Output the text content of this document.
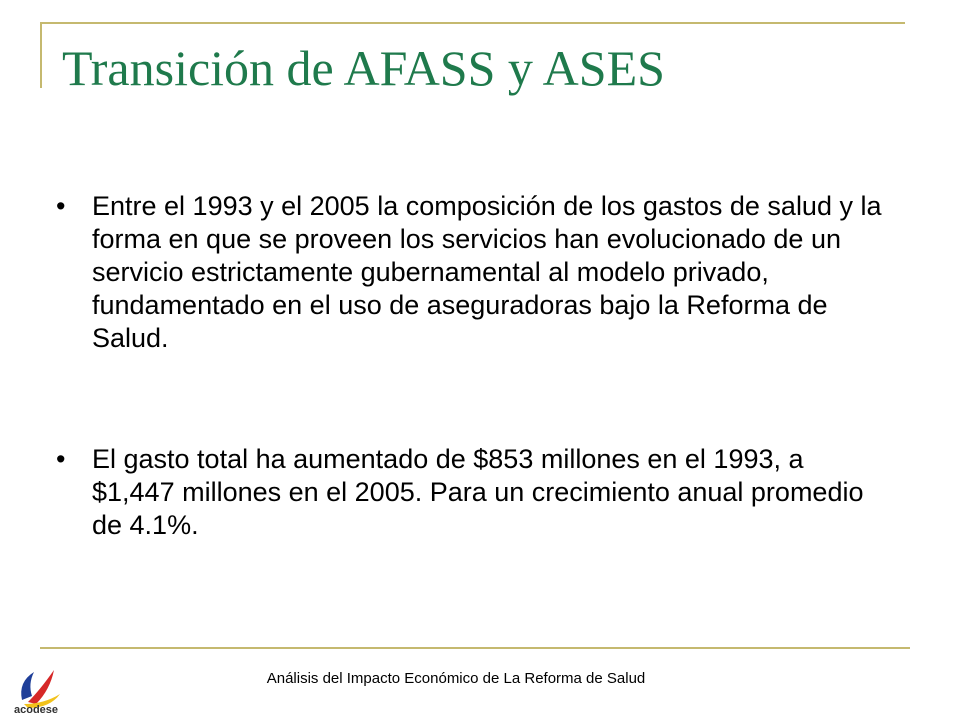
Transición de AFASS y ASES
• Entre el 1993 y el 2005 la composición de los gastos de salud y la forma en que se proveen los servicios han evolucionado de un servicio estrictamente gubernamental al modelo privado, fundamentado en el uso de aseguradoras bajo la Reforma de Salud.
• El gasto total ha aumentado de $853 millones en el 1993, a $1,447 millones en el 2005. Para un crecimiento anual promedio de 4.1%.
Análisis del Impacto Económico de La Reforma de Salud
acodese
